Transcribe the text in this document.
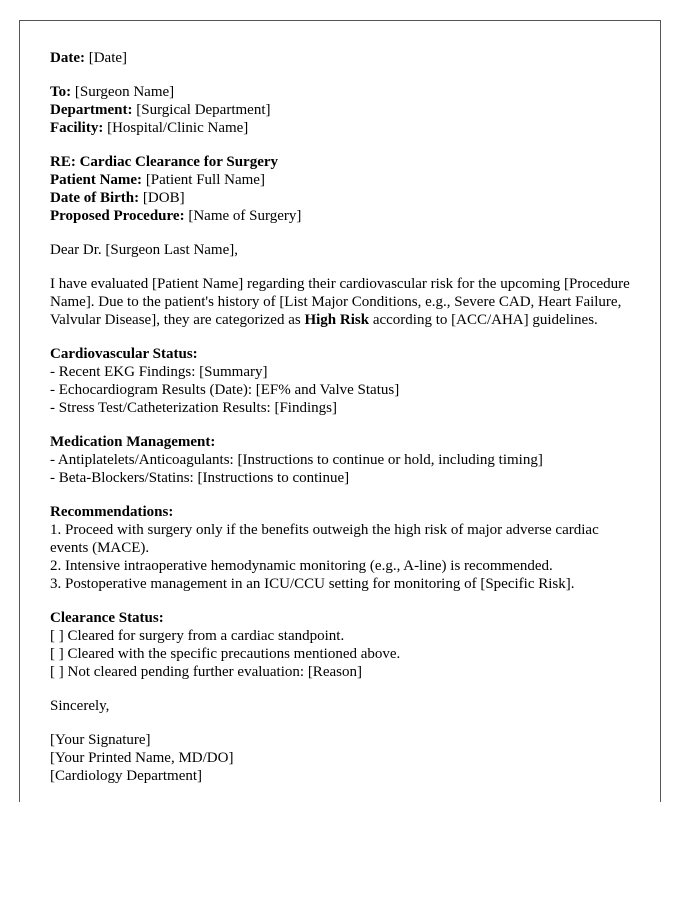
Date: [Date]
To: [Surgeon Name]
Department: [Surgical Department]
Facility: [Hospital/Clinic Name]
RE: Cardiac Clearance for Surgery
Patient Name: [Patient Full Name]
Date of Birth: [DOB]
Proposed Procedure: [Name of Surgery]
Dear Dr. [Surgeon Last Name],
I have evaluated [Patient Name] regarding their cardiovascular risk for the upcoming [Procedure Name]. Due to the patient's history of [List Major Conditions, e.g., Severe CAD, Heart Failure, Valvular Disease], they are categorized as High Risk according to [ACC/AHA] guidelines.
Cardiovascular Status:
- Recent EKG Findings: [Summary]
- Echocardiogram Results (Date): [EF% and Valve Status]
- Stress Test/Catheterization Results: [Findings]
Medication Management:
- Antiplatelets/Anticoagulants: [Instructions to continue or hold, including timing]
- Beta-Blockers/Statins: [Instructions to continue]
Recommendations:
1. Proceed with surgery only if the benefits outweigh the high risk of major adverse cardiac events (MACE).
2. Intensive intraoperative hemodynamic monitoring (e.g., A-line) is recommended.
3. Postoperative management in an ICU/CCU setting for monitoring of [Specific Risk].
Clearance Status:
[ ] Cleared for surgery from a cardiac standpoint.
[ ] Cleared with the specific precautions mentioned above.
[ ] Not cleared pending further evaluation: [Reason]
Sincerely,
[Your Signature]
[Your Printed Name, MD/DO]
[Cardiology Department]
